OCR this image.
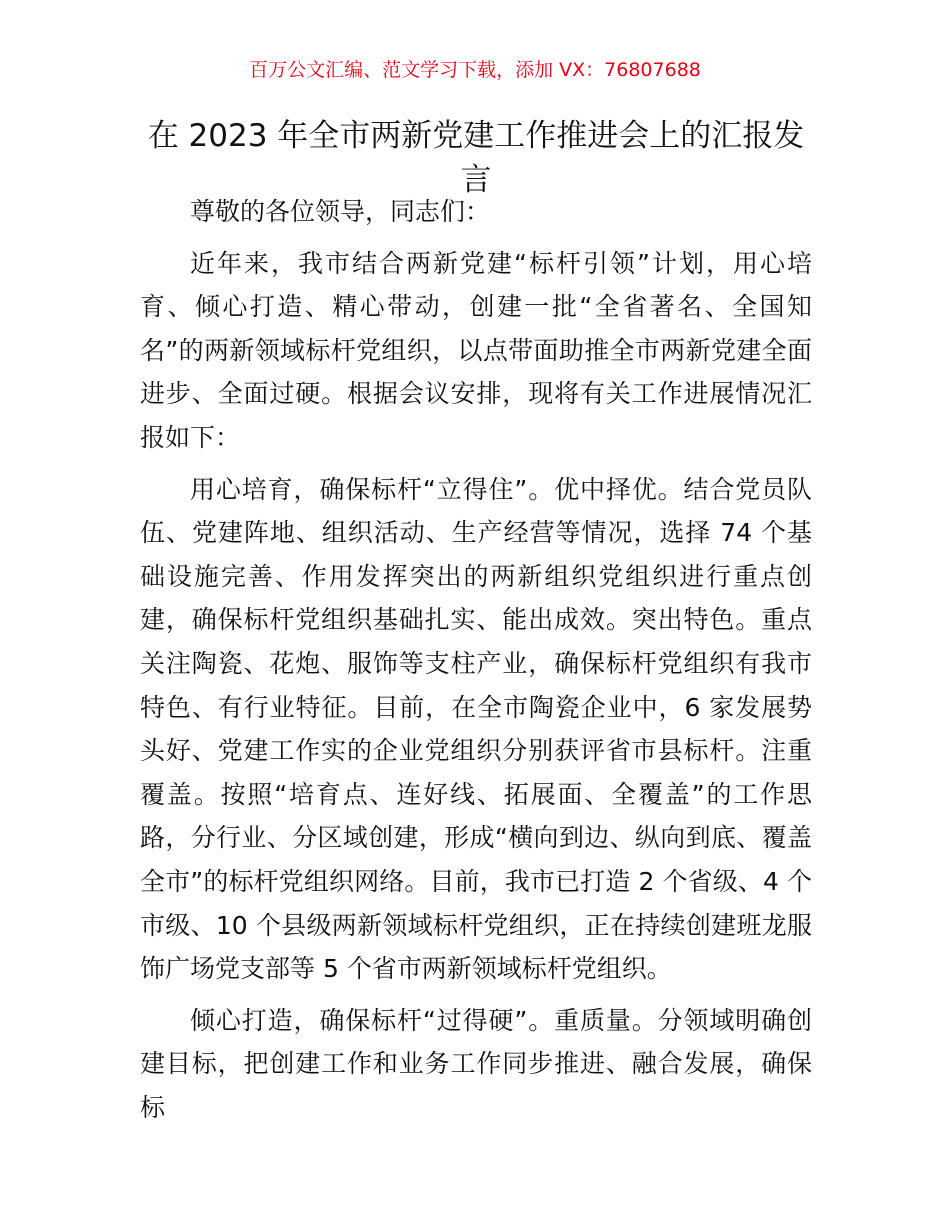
百万公文汇编、范文学习下载，添加 VX：76807688
在 2023 年全市两新党建工作推进会上的汇报发言

尊敬的各位领导，同志们：

近年来，我市结合两新党建“标杆引领”计划，用心培育、倾心打造、精心带动，创建一批“全省著名、全国知名”的两新领域标杆党组织，以点带面助推全市两新党建全面进步、全面过硬。根据会议安排，现将有关工作进展情况汇报如下：

用心培育，确保标杆“立得住”。优中择优。结合党员队伍、党建阵地、组织活动、生产经营等情况，选择 74 个基础设施完善、作用发挥突出的两新组织党组织进行重点创建，确保标杆党组织基础扎实、能出成效。突出特色。重点关注陶瓷、花炮、服饰等支柱产业，确保标杆党组织有我市特色、有行业特征。目前，在全市陶瓷企业中，6 家发展势头好、党建工作实的企业党组织分别获评省市县标杆。注重覆盖。按照“培育点、连好线、拓展面、全覆盖”的工作思路，分行业、分区域创建，形成“横向到边、纵向到底、覆盖全市”的标杆党组织网络。目前，我市已打造 2 个省级、4 个市级、10 个县级两新领域标杆党组织，正在持续创建班龙服饰广场党支部等 5 个省市两新领域标杆党组织。

倾心打造，确保标杆“过得硬”。重质量。分领域明确创建目标，把创建工作和业务工作同步推进、融合发展，确保标
